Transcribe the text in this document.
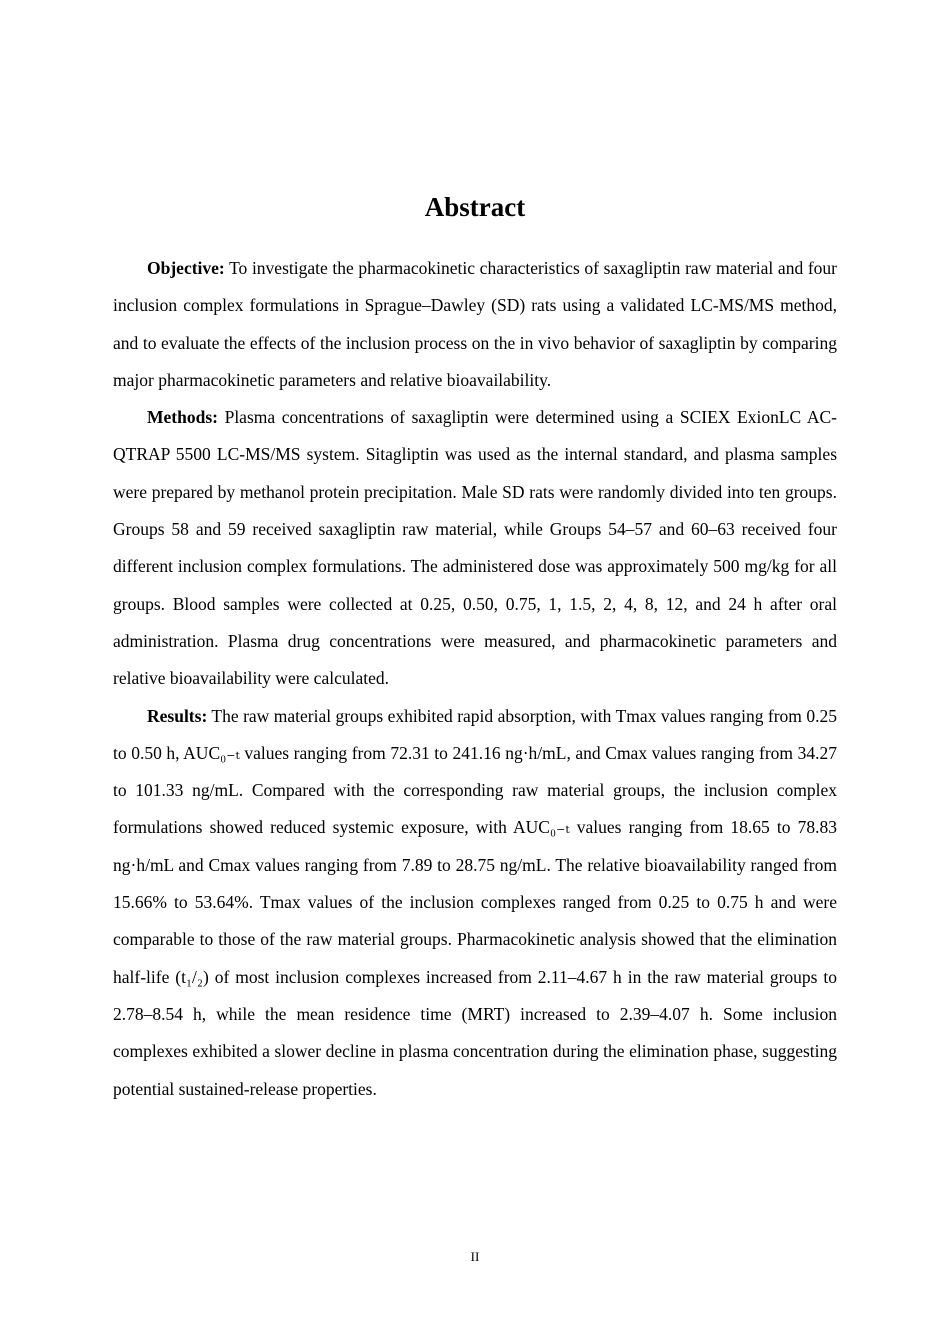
Abstract

Objective: To investigate the pharmacokinetic characteristics of saxagliptin raw material and four inclusion complex formulations in Sprague–Dawley (SD) rats using a validated LC-MS/MS method, and to evaluate the effects of the inclusion process on the in vivo behavior of saxagliptin by comparing major pharmacokinetic parameters and relative bioavailability.

Methods: Plasma concentrations of saxagliptin were determined using a SCIEX ExionLC AC-QTRAP 5500 LC-MS/MS system. Sitagliptin was used as the internal standard, and plasma samples were prepared by methanol protein precipitation. Male SD rats were randomly divided into ten groups. Groups 58 and 59 received saxagliptin raw material, while Groups 54–57 and 60–63 received four different inclusion complex formulations. The administered dose was approximately 500 mg/kg for all groups. Blood samples were collected at 0.25, 0.50, 0.75, 1, 1.5, 2, 4, 8, 12, and 24 h after oral administration. Plasma drug concentrations were measured, and pharmacokinetic parameters and relative bioavailability were calculated.

Results: The raw material groups exhibited rapid absorption, with Tmax values ranging from 0.25 to 0.50 h, AUC₀₋ₜ values ranging from 72.31 to 241.16 ng·h/mL, and Cmax values ranging from 34.27 to 101.33 ng/mL. Compared with the corresponding raw material groups, the inclusion complex formulations showed reduced systemic exposure, with AUC₀₋ₜ values ranging from 18.65 to 78.83 ng·h/mL and Cmax values ranging from 7.89 to 28.75 ng/mL. The relative bioavailability ranged from 15.66% to 53.64%. Tmax values of the inclusion complexes ranged from 0.25 to 0.75 h and were comparable to those of the raw material groups. Pharmacokinetic analysis showed that the elimination half-life (t₁/₂) of most inclusion complexes increased from 2.11–4.67 h in the raw material groups to 2.78–8.54 h, while the mean residence time (MRT) increased to 2.39–4.07 h. Some inclusion complexes exhibited a slower decline in plasma concentration during the elimination phase, suggesting potential sustained-release properties.

II
